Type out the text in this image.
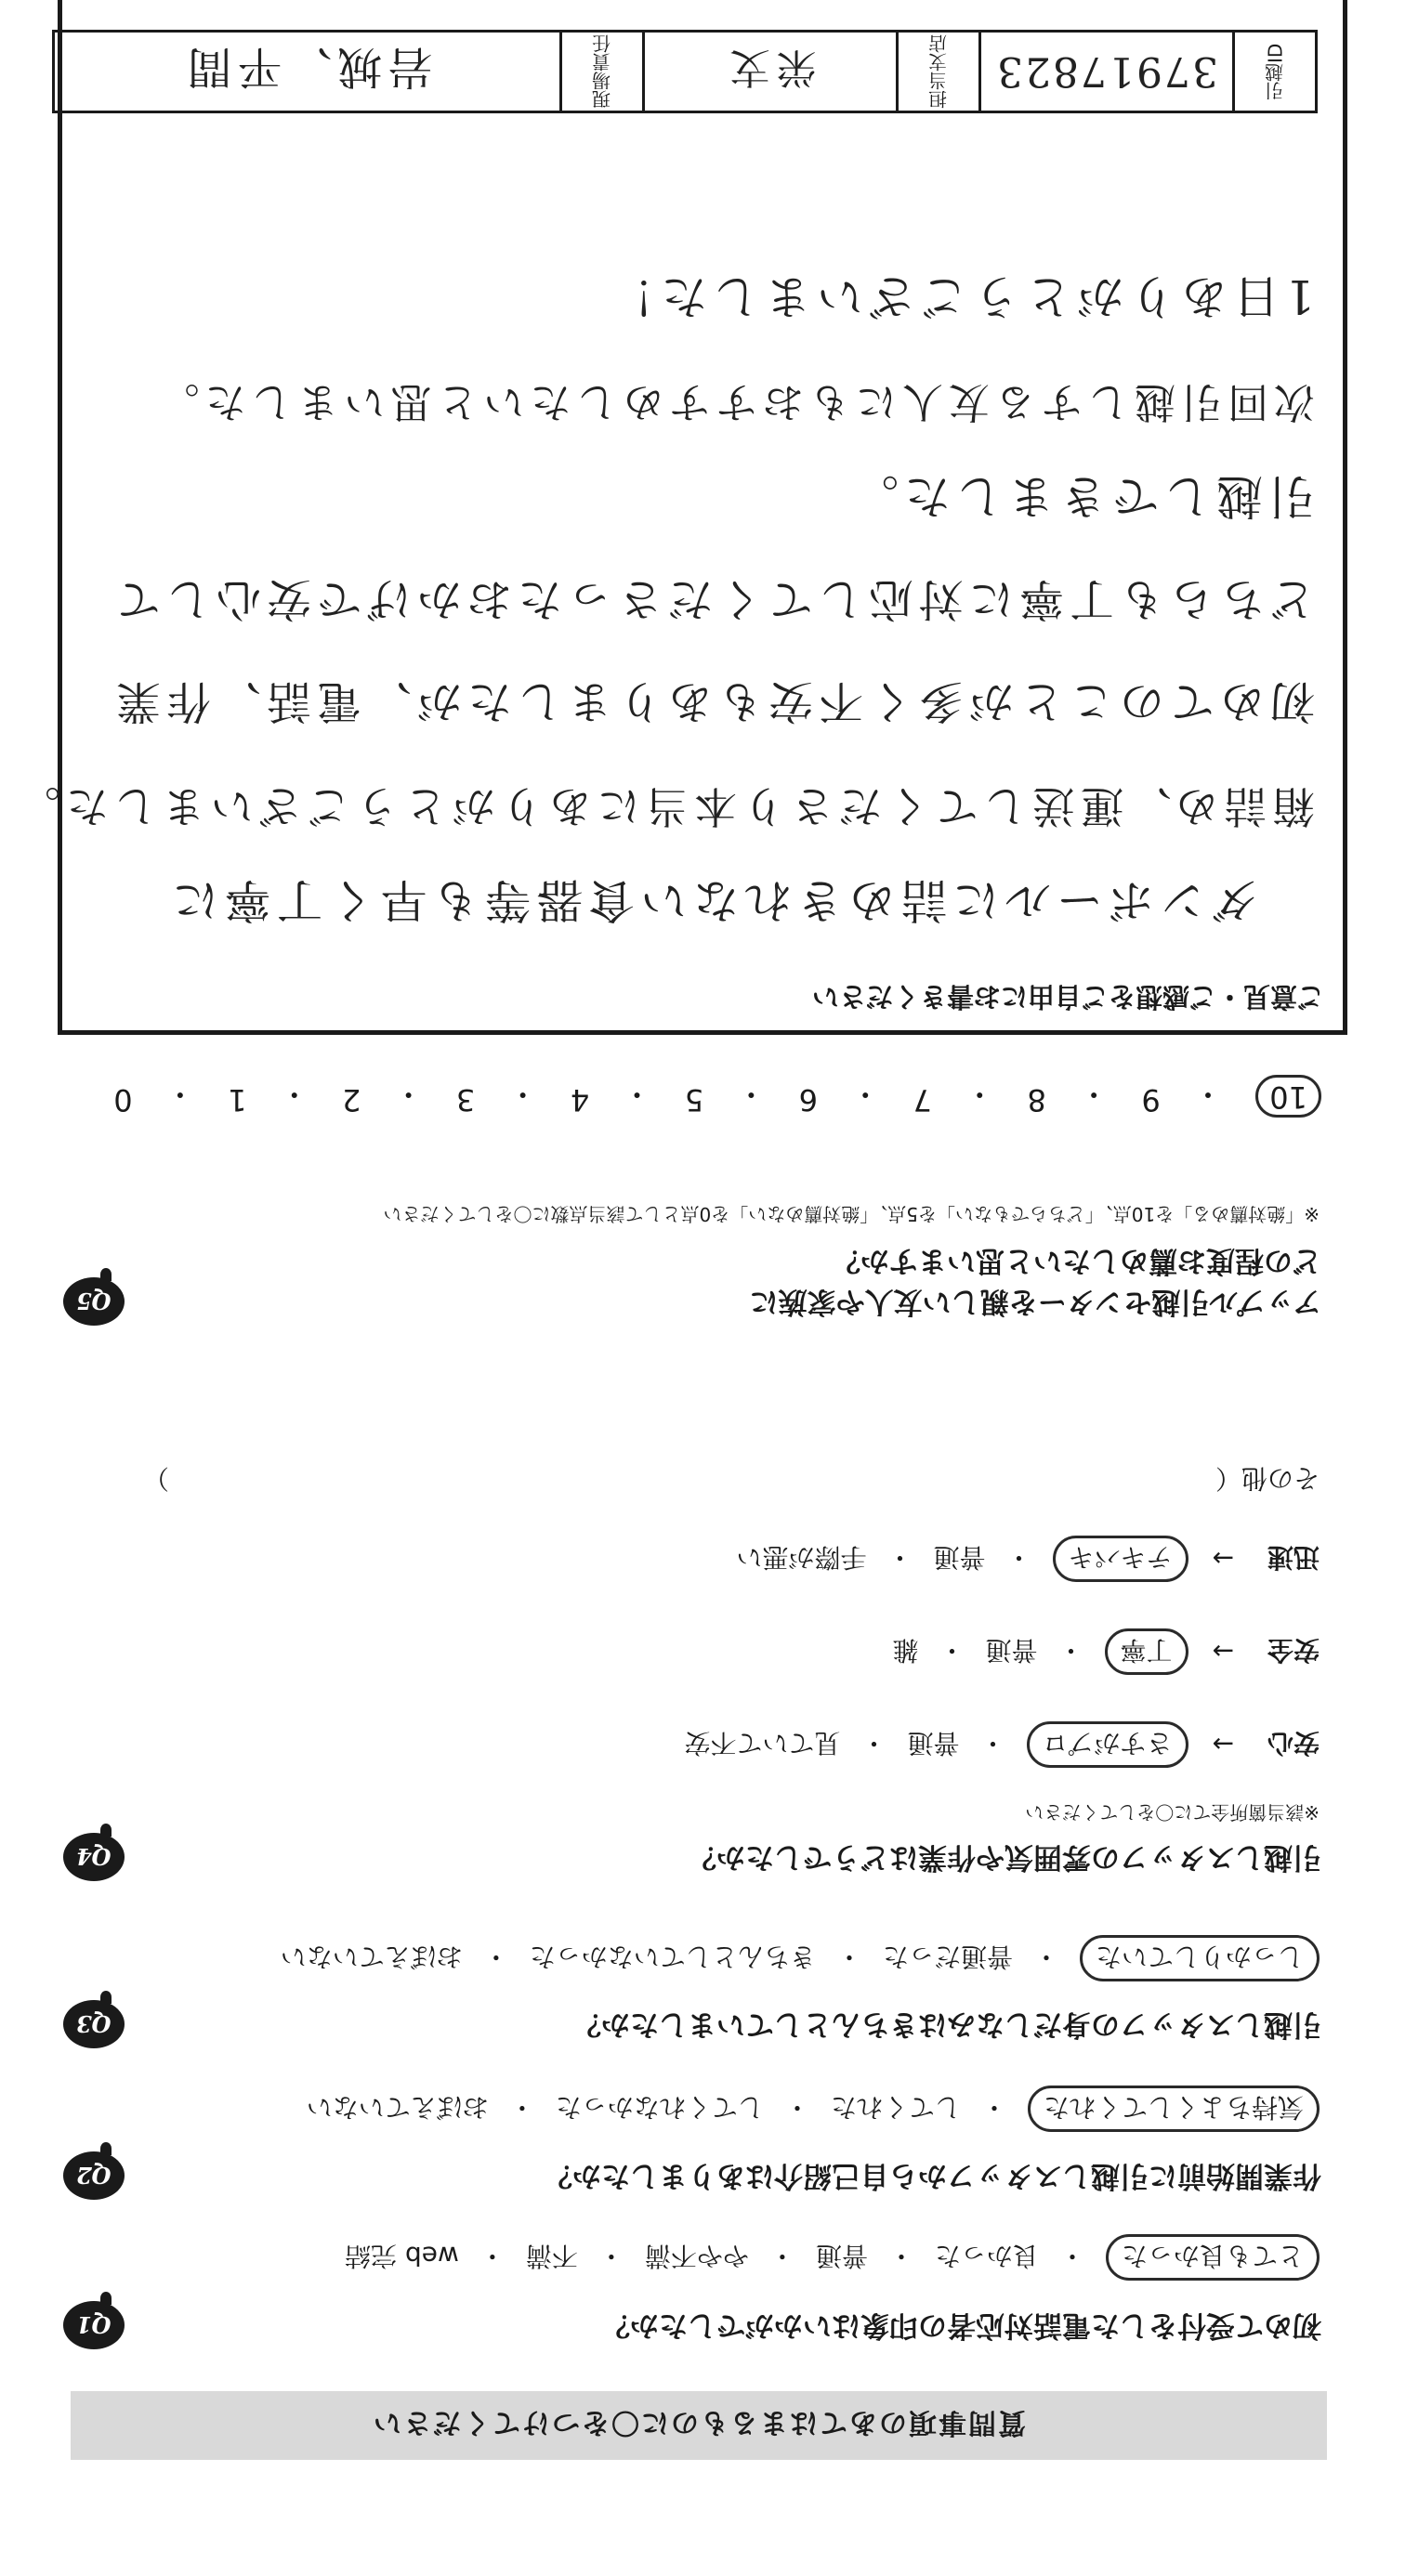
質問事項のあてはまるものに〇をつけてください
Q1	初めて受付をした電話対応者の印象はいかがでしたか？
とても良かった
・
良かった
・
普通
・
やや不満
・
不満
・
web 完結
Q2	作業開始前に引越しスタッフから自己紹介はありましたか？
気持ちよくしてくれた
・
してくれた
・
してくれなかった
・
おぼえていない
Q3	引越しスタッフの身だしなみはきちんとしていましたか？
しっかりしていた
・
普通だった
・
きちんとしていなかった
・
おぼえていない
Q4	引越しスタッフの雰囲気や作業はどうでしたか？
※該当箇所全てに〇をしてください
安心
→
さすがプロ
・
普通
・
見ていて不安
安全
→
丁寧
・
普通
・
雑
迅速
→
テキパキ
・
普通
・
手際が悪い
その他（
）
Q5	アップル引越センターを親しい友人や家族に
どの程度お薦めしたいと思いますか？
※「絶対薦める」を10点、「どちらでもない」を5点、「絶対薦めない」を0点として該当点数に〇をしてください
10
・
9
・
8
・
7
・
6
・
5
・
4
・
3
・
2
・
1
・
0
ご意見・ご感想をご自由にお書きください
ダンボールに詰めきれない食器等も早く丁寧に
箱詰め、運送してくださり本当にありがとうございました。
初めてのことが多く不安もありましたが、電話、作業
どちらも丁寧に対応してくださったおかげで安心して
引越しできました。
次回引越しする友人にもおすすめしたいと思いました。
1日ありがとうございました！
引越ID
37917823
担当支店
栄支
現場責任
岩城、平間
